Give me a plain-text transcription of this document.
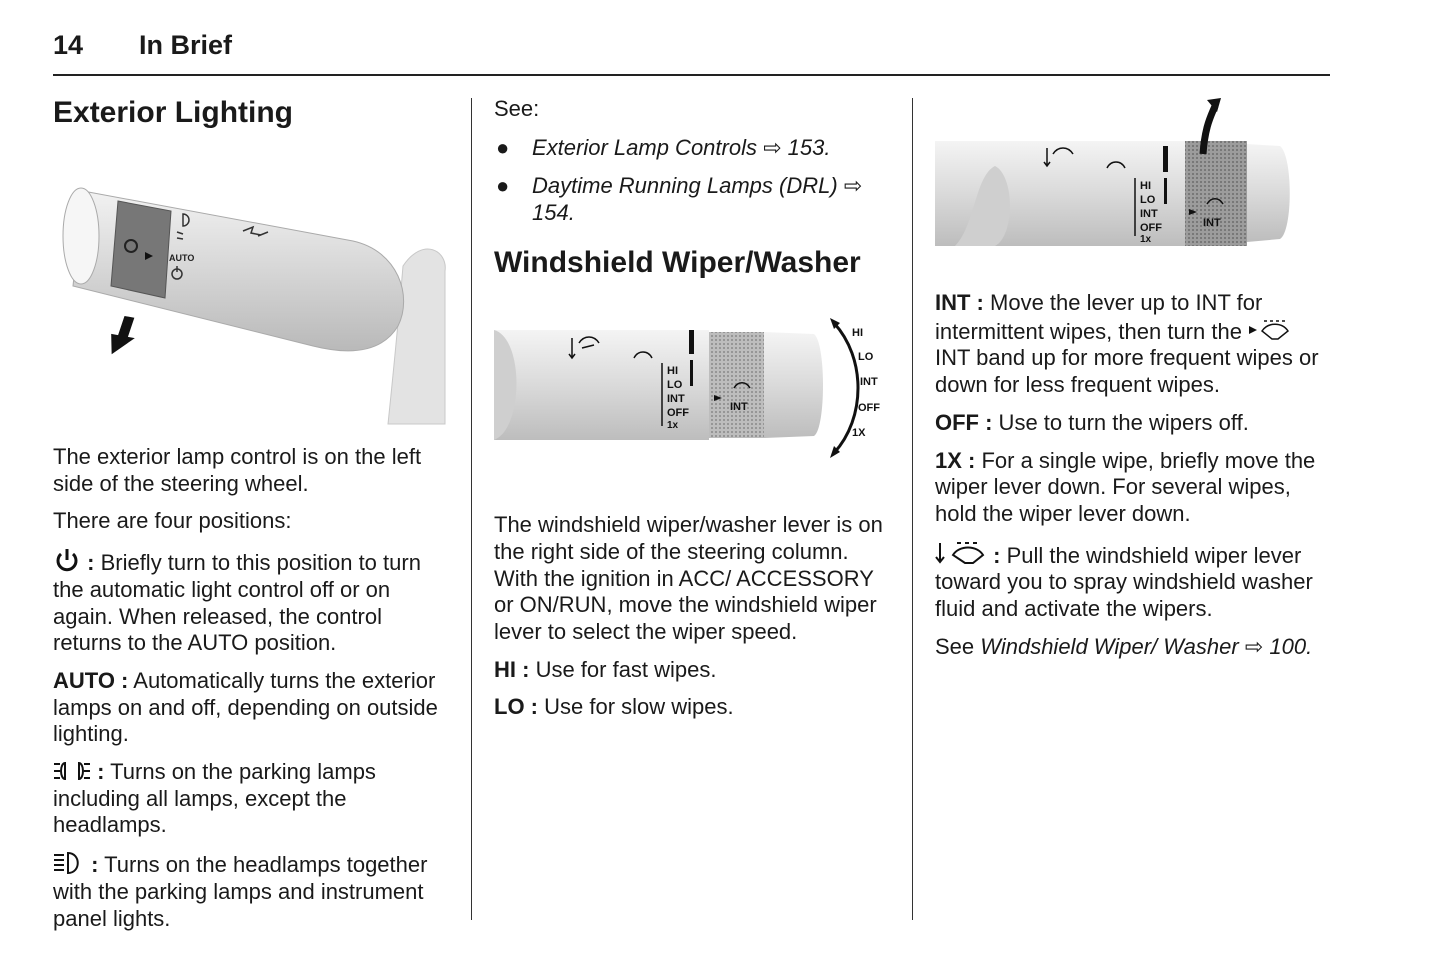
14 In Brief
Exterior Lighting
AUTO

The exterior lamp control is on the left side of the steering wheel.

There are four positions:

: Briefly turn to this position to turn the automatic light control off or on again. When released, the control returns to the AUTO position.

AUTO : Automatically turns the exterior lamps on and off, depending on outside lighting.

: Turns on the parking lamps including all lamps, except the headlamps.

: Turns on the headlamps together with the parking lamps and instrument panel lights.

See:

● Exterior Lamp Controls ⇨ 153.
● Daytime Running Lamps (DRL) ⇨ 154.
Windshield Wiper/Washer
HI
LO
INT
OFF
1x
INT
HI
LO
INT
OFF
1X

The windshield wiper/washer lever is on the right side of the steering column. With the ignition in ACC/ ACCESSORY or ON/RUN, move the windshield wiper lever to select the wiper speed.

HI : Use for fast wipes.

LO : Use for slow wipes.

HI
LO
INT
OFF
1x
INT

INT : Move the lever up to INT for intermittent wipes, then turn the
INT band up for more frequent wipes or down for less frequent wipes.

OFF : Use to turn the wipers off.

1X : For a single wipe, briefly move the wiper lever down. For several wipes, hold the wiper lever down.

: Pull the windshield wiper lever toward you to spray windshield washer fluid and activate the wipers.

See Windshield Wiper/ Washer ⇨ 100.
